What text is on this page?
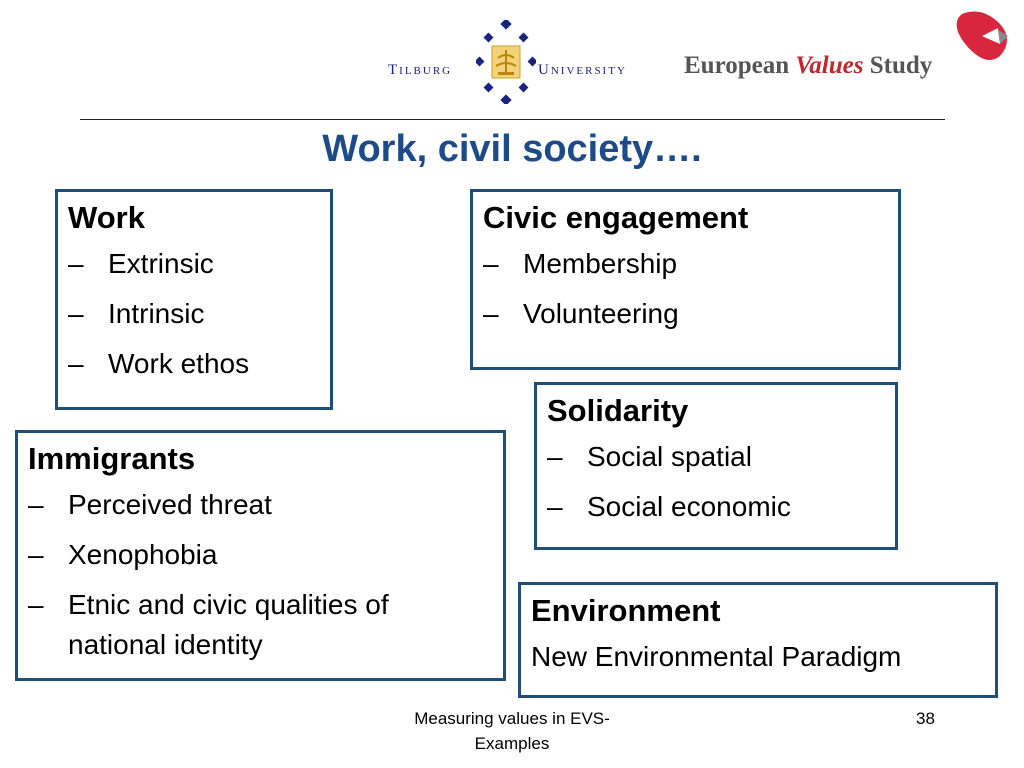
Tilburg	University European Values Study
Work, civil society….
Work
– Extrinsic
– Intrinsic
– Work ethos
Civic engagement
– Membership
– Volunteering
Solidarity
– Social spatial
– Social economic
Immigrants
– Perceived threat
– Xenophobia
– Etnic and civic qualities of national identity
Environment
New Environmental Paradigm
Measuring values in EVS- Examples
38
